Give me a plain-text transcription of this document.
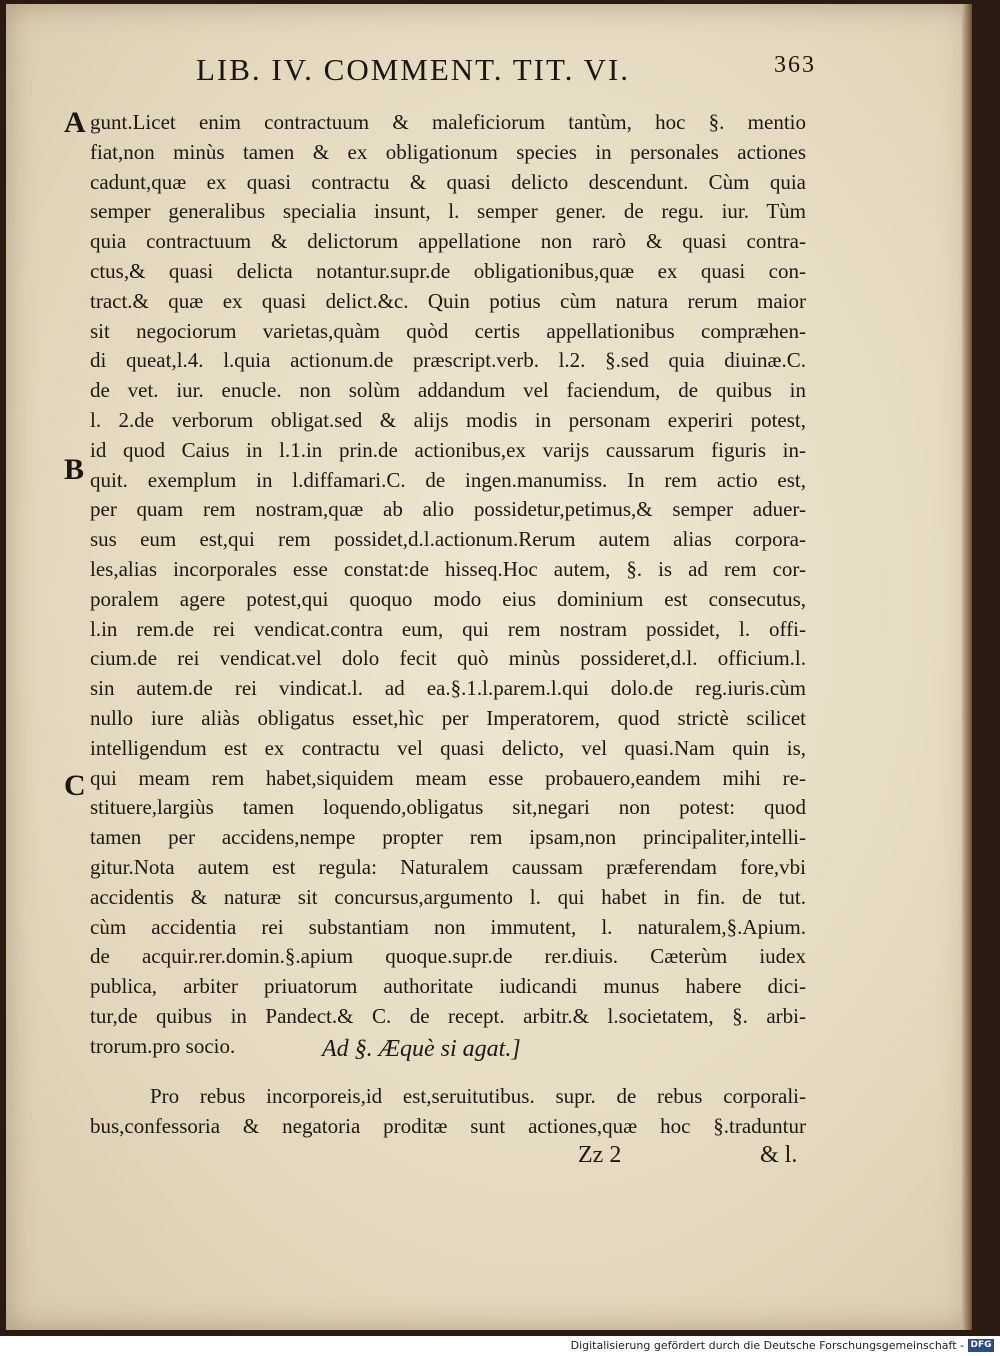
LIB. IV. COMMENT. TIT. VI.	363
A
B
C
gunt.Licet enim contractuum & maleficiorum tantùm, hoc §. mentio
fiat,non minùs tamen & ex obligationum species in personales actiones
cadunt,quæ ex quasi contractu & quasi delicto descendunt. Cùm quia
semper generalibus specialia insunt, l. semper gener. de regu. iur. Tùm
quia contractuum & delictorum appellatione non rarò & quasi contra-
ctus,& quasi delicta notantur.supr.de obligationibus,quæ ex quasi con-
tract.& quæ ex quasi delict.&c. Quin potius cùm natura rerum maior
sit negociorum varietas,quàm quòd certis appellationibus compræhen-
di queat,l.4. l.quia actionum.de præscript.verb. l.2. §.sed quia diuinæ.C.
de vet. iur. enucle. non solùm addandum vel faciendum, de quibus in
l. 2.de verborum obligat.sed & alijs modis in personam experiri potest,
id quod Caius in l.1.in prin.de actionibus,ex varijs caussarum figuris in-
quit. exemplum in l.diffamari.C. de ingen.manumiss. In rem actio est,
per quam rem nostram,quæ ab alio possidetur,petimus,& semper aduer-
sus eum est,qui rem possidet,d.l.actionum.Rerum autem alias corpora-
les,alias incorporales esse constat:de hisseq.Hoc autem, §. is ad rem cor-
poralem agere potest,qui quoquo modo eius dominium est consecutus,
l.in rem.de rei vendicat.contra eum, qui rem nostram possidet, l. offi-
cium.de rei vendicat.vel dolo fecit quò minùs possideret,d.l. officium.l.
sin autem.de rei vindicat.l. ad ea.§.1.l.parem.l.qui dolo.de reg.iuris.cùm
nullo iure aliàs obligatus esset,hìc per Imperatorem, quod strictè scilicet
intelligendum est ex contractu vel quasi delicto, vel quasi.Nam quin is,
qui meam rem habet,siquidem meam esse probauero,eandem mihi re-
stituere,largiùs tamen loquendo,obligatus sit,negari non potest: quod
tamen per accidens,nempe propter rem ipsam,non principaliter,intelli-
gitur.Nota autem est regula: Naturalem caussam præferendam fore,vbi
accidentis & naturæ sit concursus,argumento l. qui habet in fin. de tut.
cùm accidentia rei substantiam non immutent, l. naturalem,§.Apium.
de acquir.rer.domin.§.apium quoque.supr.de rer.diuis. Cæterùm iudex
publica, arbiter priuatorum authoritate iudicandi munus habere dici-
tur,de quibus in Pandect.& C. de recept. arbitr.& l.societatem, §. arbi-
trorum.pro socio.	Ad §. Æquè si agat.]
Pro rebus incorporeis,id est,seruitutibus. supr. de rebus corporali-
bus,confessoria & negatoria proditæ sunt actiones,quæ hoc §.traduntur
Zz 2	& l.
Digitalisierung gefördert durch die Deutsche Forschungsgemeinschaft - DFG
